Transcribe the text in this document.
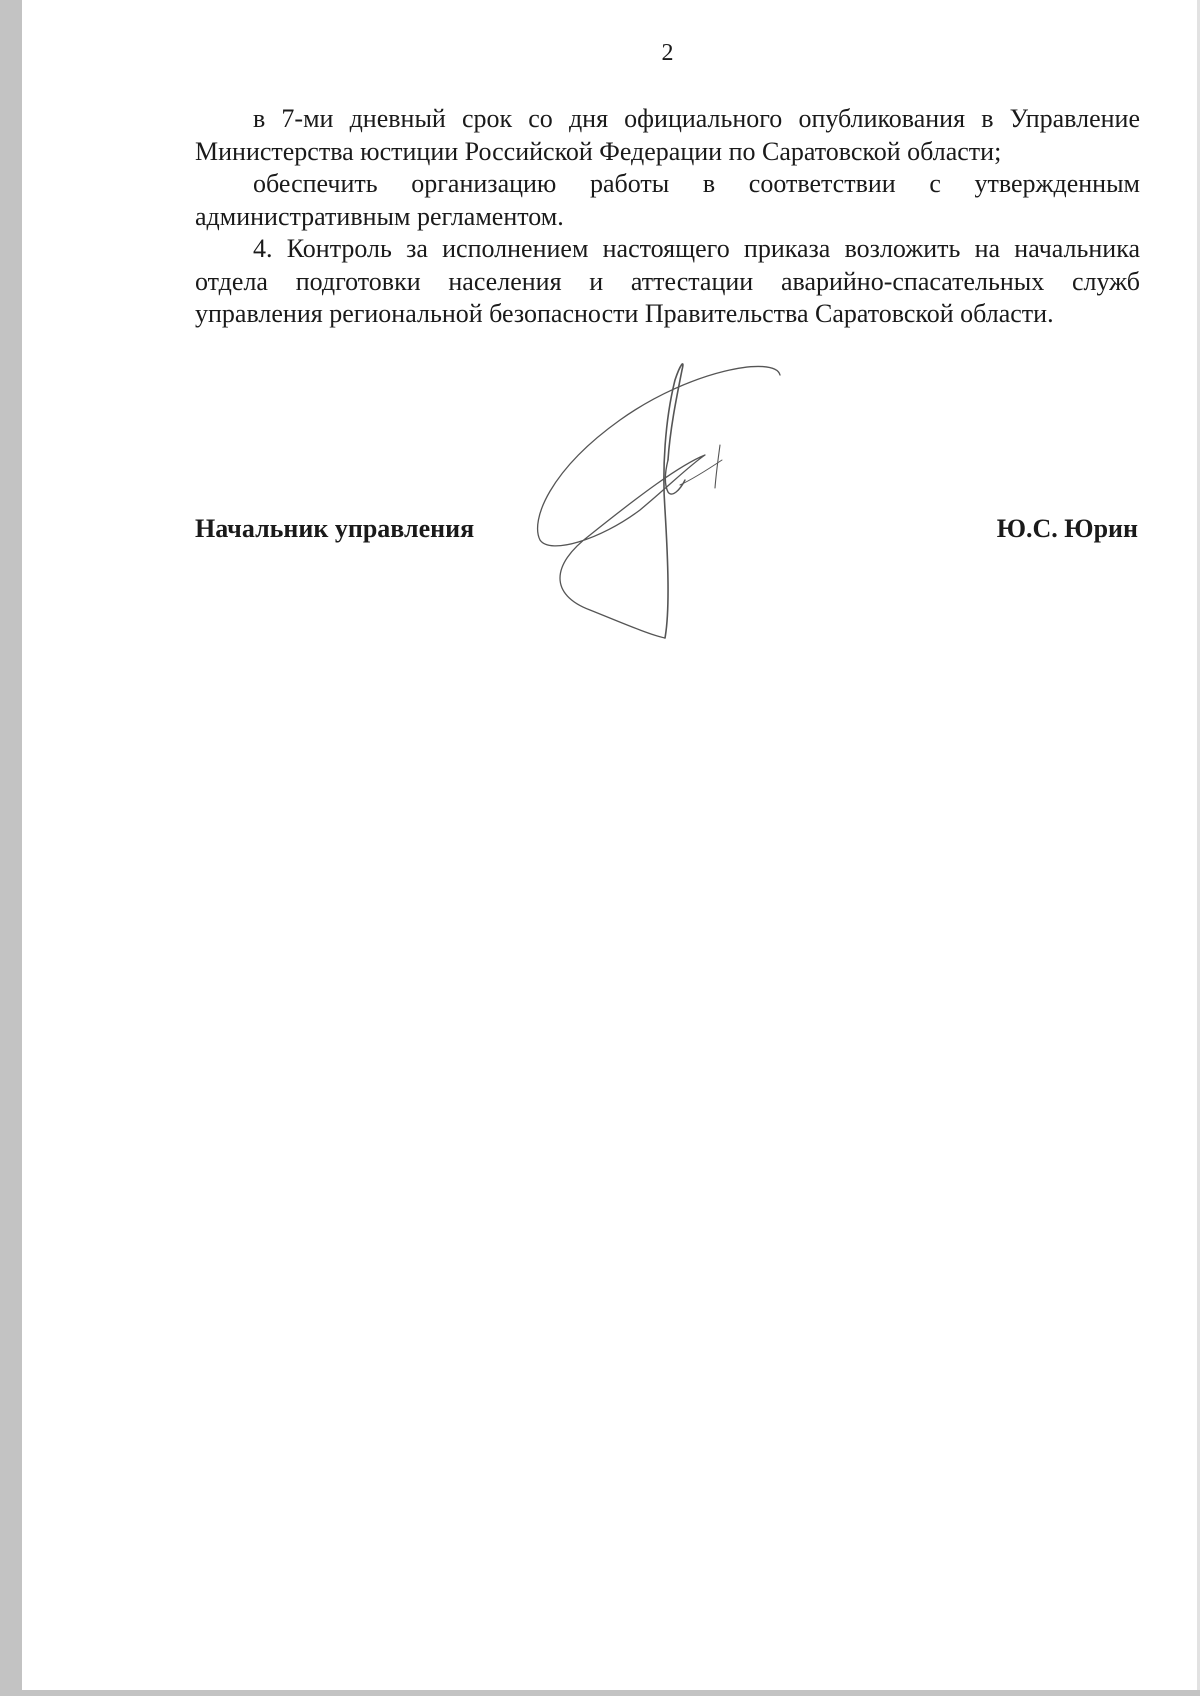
2

в 7-ми дневный срок со дня официального опубликования в Управление Министерства юстиции Российской Федерации по Саратовской области;

обеспечить организацию работы в соответствии с утвержденным административным регламентом.

4. Контроль за исполнением настоящего приказа возложить на начальника отдела подготовки населения и аттестации аварийно-спасательных служб управления региональной безопасности Правительства Саратовской области.

Начальник управления	Ю.С. Юрин
